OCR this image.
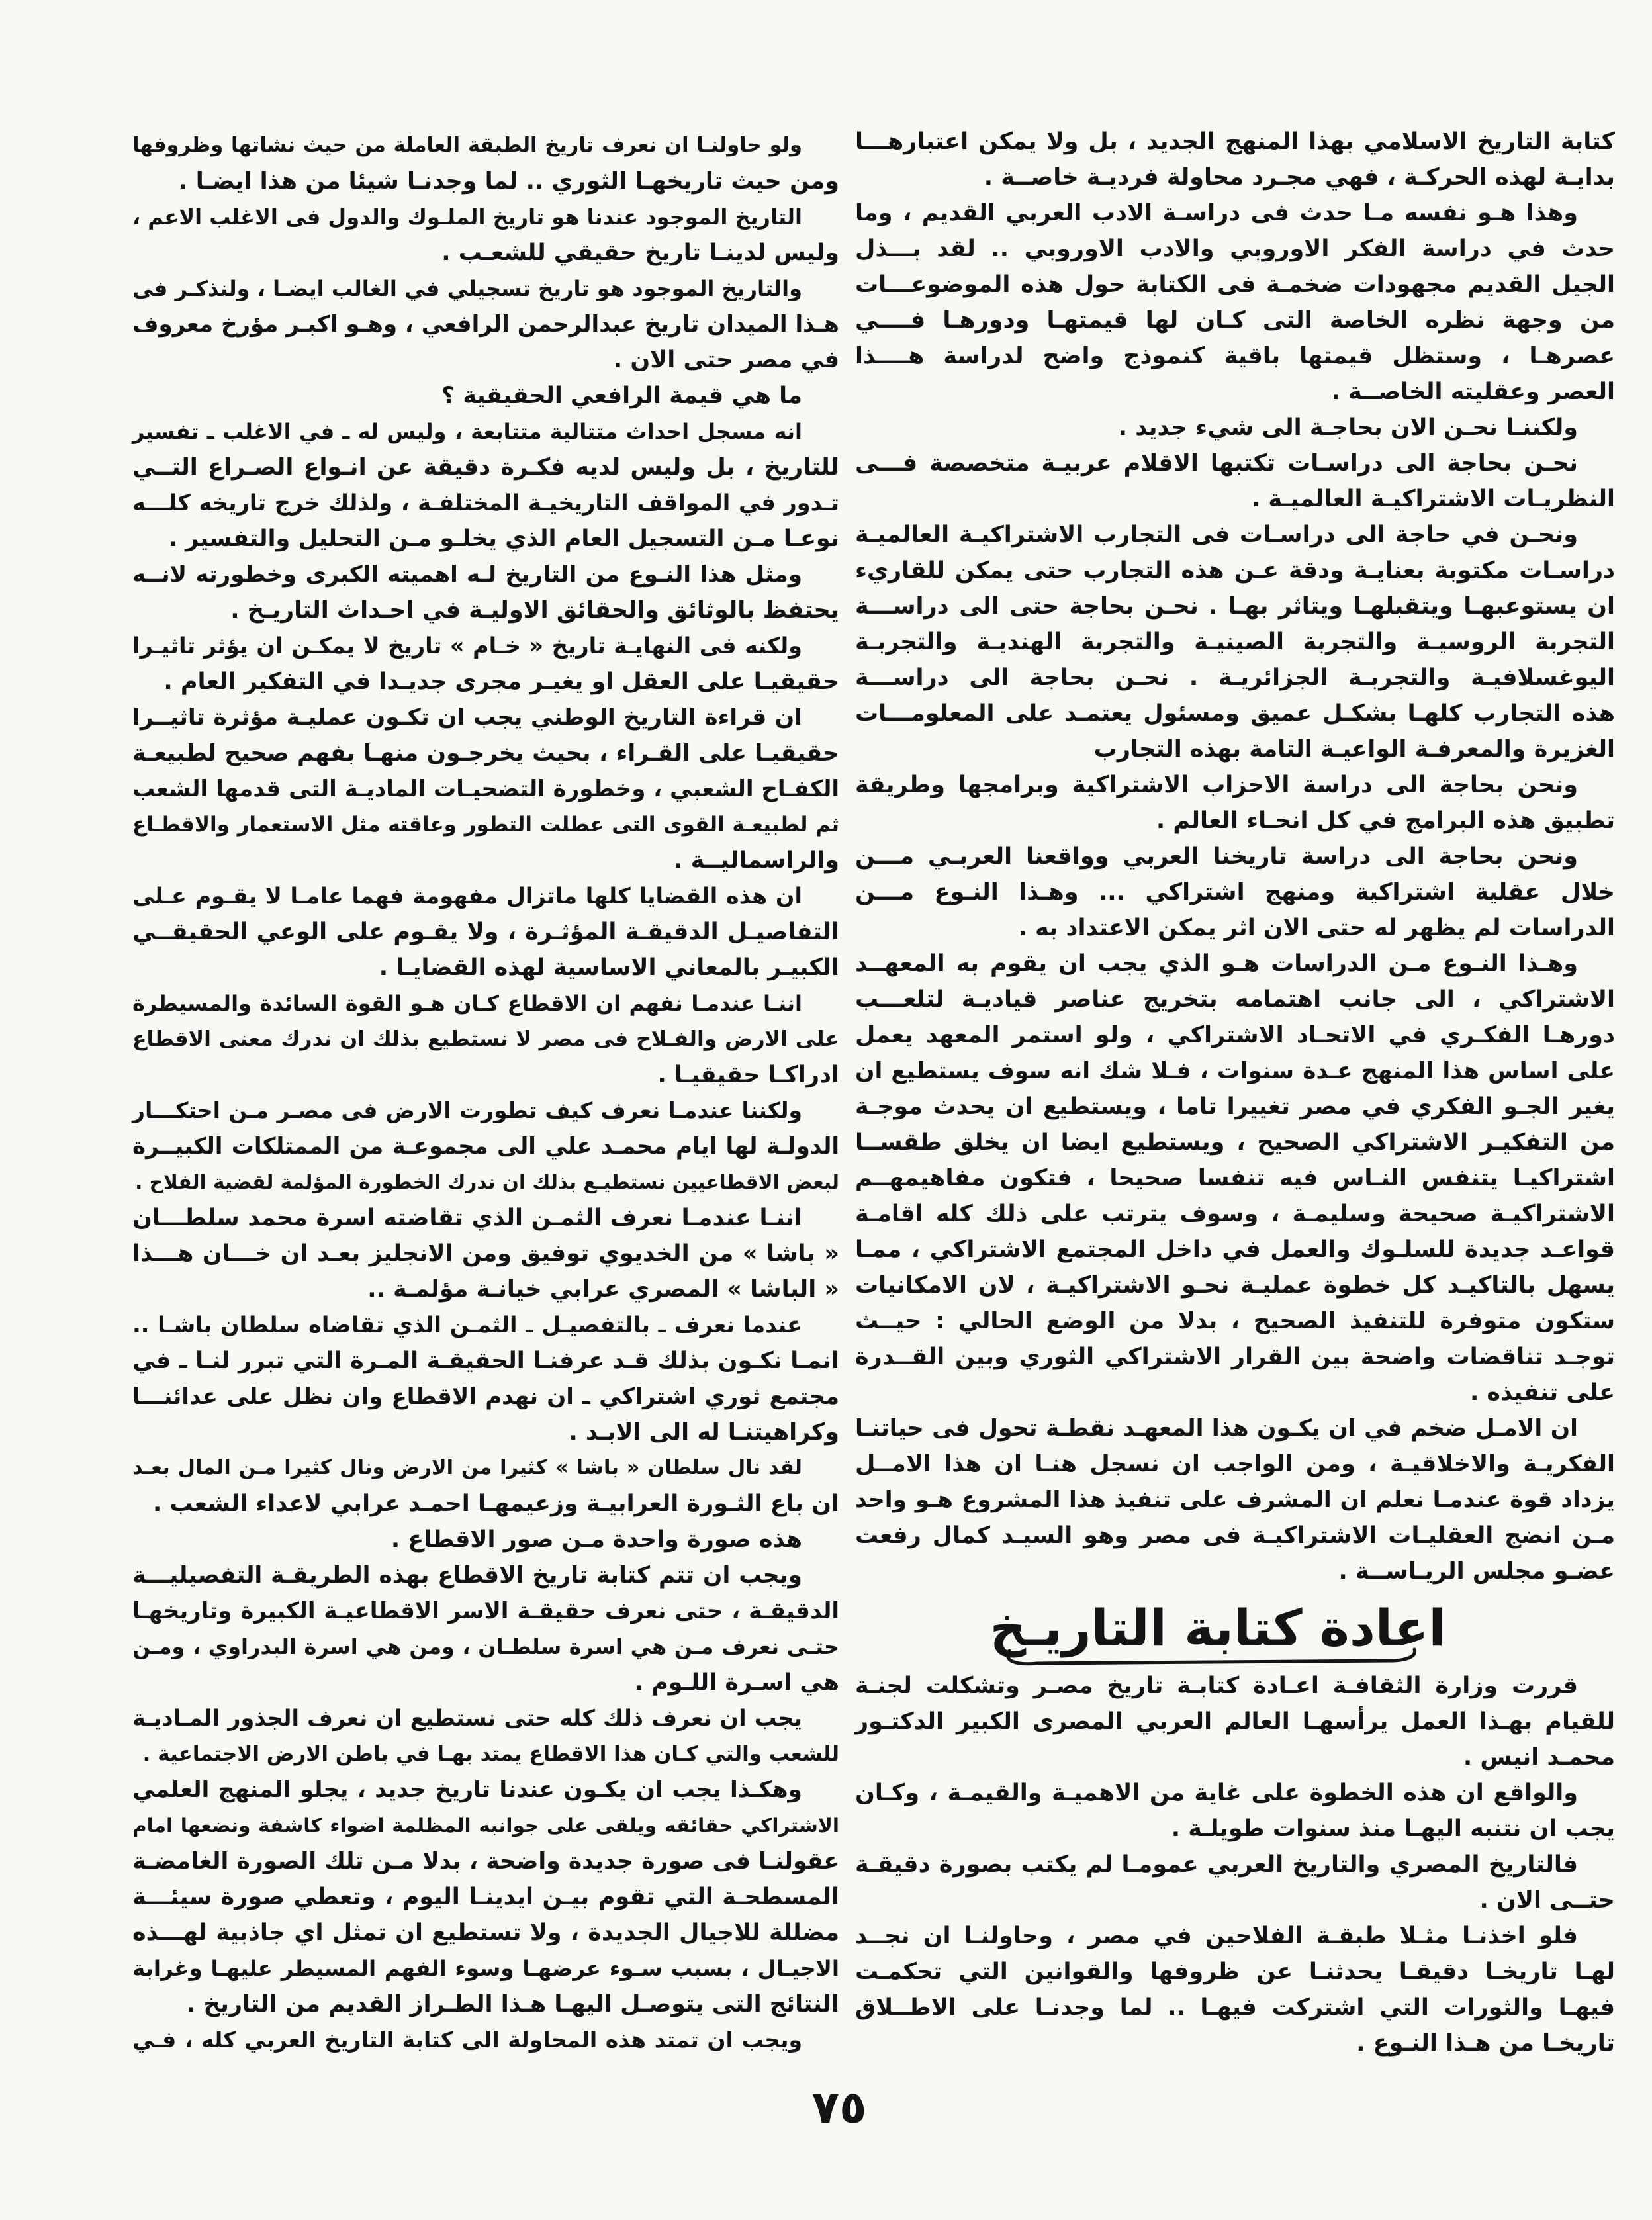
كتابة التاريخ الاسلامي بهذا المنهج الجديد ، بل ولا يمكن اعتبارهـــا
بدايـة لهذه الحركـة ، فهي مجـرد محاولة فرديـة خاصــة .
وهذا هـو نفسه مـا حدث فى دراسـة الادب العربي القديم ، وما
حدث في دراسة الفكر الاوروبي والادب الاوروبي .. لقد بـــذل
الجيل القديم مجهودات ضخمـة فى الكتابة حول هذه الموضوعـــات
من وجهة نظره الخاصة التى كـان لها قيمتهـا ودورهـا فــــي
عصرهـا ، وستظل قيمتها باقية كنموذج واضح لدراسة هــــذا
العصر وعقليته الخاصــة .
ولكننـا نحـن الان بحاجـة الى شيء جديد .
نحـن بحاجة الى دراسـات تكتبها الاقلام عربيـة متخصصة فـــى
النظريـات الاشتراكيـة العالميـة .
ونحـن في حاجة الى دراسـات فى التجارب الاشتراكيـة العالميـة
دراسـات مكتوبة بعنايـة ودقة عـن هذه التجارب حتى يمكن للقاريء
ان يستوعبهـا ويتقبلهـا ويتاثر بهـا . نحـن بحاجة حتى الى دراســـة
التجربة الروسيـة والتجربة الصينيـة والتجربة الهنديـة والتجربـة
اليوغسلافيـة والتجربـة الجزائريـة . نحـن بحاجة الى دراســـة
هذه التجارب كلهـا بشكـل عميق ومسئول يعتمـد على المعلومـــات
الغزيرة والمعرفـة الواعيـة التامة بهذه التجارب
ونحن بحاجة الى دراسة الاحزاب الاشتراكية وبرامجها وطريقة
تطبيق هذه البرامج في كل انحـاء العالم .
ونحن بحاجة الى دراسة تاريخنا العربي وواقعنا العربـي مـــن
خلال عقلية اشتراكية ومنهج اشتراكي ... وهـذا النـوع مـــن
الدراسات لم يظهر له حتى الان اثر يمكن الاعتداد به .
وهـذا النـوع مـن الدراسات هـو الذي يجب ان يقوم به المعهــد
الاشتراكي ، الى جانب اهتمامه بتخريج عناصر قياديـة لتلعـــب
دورهـا الفكـري في الاتحـاد الاشتراكي ، ولو استمر المعهد يعمل
على اساس هذا المنهج عـدة سنوات ، فـلا شك انه سوف يستطيع ان
يغير الجـو الفكري في مصر تغييرا تاما ، ويستطيع ان يحدث موجـة
من التفكيـر الاشتراكي الصحيح ، ويستطيع ايضا ان يخلق طقســا
اشتراكيـا يتنفس النـاس فيه تنفسا صحيحا ، فتكون مفاهيمهــم
الاشتراكيـة صحيحة وسليمـة ، وسوف يترتب على ذلك كله اقامـة
قواعـد جديدة للسلـوك والعمل في داخل المجتمع الاشتراكي ، ممـا
يسهل بالتاكيـد كل خطوة عمليـة نحـو الاشتراكيـة ، لان الامكانيات
ستكون متوفرة للتنفيذ الصحيح ، بدلا من الوضع الحالي : حيــث
توجـد تناقضات واضحة بين القرار الاشتراكي الثوري وبين القــدرة
على تنفيذه .
ان الامـل ضخم في ان يكـون هذا المعهـد نقطـة تحول فى حياتنـا
الفكريـة والاخلاقيـة ، ومن الواجب ان نسجل هنـا ان هذا الامــل
يزداد قوة عندمـا نعلم ان المشرف على تنفيذ هذا المشروع هـو واحد
مـن انضج العقليـات الاشتراكيـة فى مصر وهو السيـد كمال رفعت
عضـو مجلس الريـاســة .
اعادة كتابة التاريـخ
قررت وزارة الثقافـة اعـادة كتابـة تاريخ مصـر وتشكلت لجنـة
للقيام بهـذا العمل يرأسهـا العالم العربي المصرى الكبير الدكتـور
محمـد انيس .
والواقع ان هذه الخطوة على غاية من الاهميـة والقيمـة ، وكـان
يجب ان نتنبه اليهـا منذ سنوات طويلـة .
فالتاريخ المصري والتاريخ العربي عمومـا لم يكتب بصورة دقيقـة
حتــى الان .
فلو اخذنـا مثـلا طبقـة الفلاحين في مصر ، وحاولنـا ان نجــد
لهـا تاريخـا دقيقـا يحدثنـا عن ظروفها والقوانين التي تحكمـت
فيهـا والثورات التي اشتركت فيهـا .. لما وجدنـا على الاطــلاق
تاريخـا من هـذا النـوع .
ولو حاولنـا ان نعرف تاريخ الطبقة العاملة من حيث نشاتها وظروفها
ومن حيث تاريخهـا الثوري .. لما وجدنـا شيئا من هذا ايضـا .
التاريخ الموجود عندنا هو تاريخ الملـوك والدول فى الاغلب الاعم ،
وليس لدينـا تاريخ حقيقي للشعـب .
والتاريخ الموجود هو تاريخ تسجيلي في الغالب ايضـا ، ولنذكـر فى
هـذا الميدان تاريخ عبدالرحمن الرافعي ، وهـو اكبـر مؤرخ معروف
في مصر حتى الان .
ما هي قيمة الرافعي الحقيقية ؟
انه مسجل احداث متتالية متتابعة ، وليس له ـ في الاغلب ـ تفسير
للتاريخ ، بل وليس لديه فكـرة دقيقة عن انـواع الصـراع التــي
تـدور في المواقف التاريخيـة المختلفـة ، ولذلك خرج تاريخه كلـــه
نوعـا مـن التسجيل العام الذي يخلـو مـن التحليل والتفسير .
ومثل هذا النـوع من التاريخ لـه اهميته الكبرى وخطورته لانــه
يحتفظ بالوثائق والحقائق الاوليـة في احـداث التاريـخ .
ولكنه فى النهايـة تاريخ « خـام » تاريخ لا يمكـن ان يؤثر تاثيـرا
حقيقيـا على العقل او يغيـر مجرى جديـدا في التفكير العام .
ان قراءة التاريخ الوطني يجب ان تكـون عمليـة مؤثرة تاثيــرا
حقيقيـا على القـراء ، بحيث يخرجـون منهـا بفهم صحيح لطبيعـة
الكفـاح الشعبي ، وخطورة التضحيـات الماديـة التى قدمها الشعب
ثم لطبيعـة القوى التى عطلت التطور وعاقته مثل الاستعمار والاقطـاع
والراسماليــة .
ان هذه القضايا كلها ماتزال مفهومة فهما عامـا لا يقـوم عـلى
التفاصيـل الدقيقـة المؤثـرة ، ولا يقـوم على الوعي الحقيقــي
الكبيـر بالمعاني الاساسية لهذه القضايـا .
اننـا عندمـا نفهم ان الاقطاع كـان هـو القوة السائدة والمسيطرة
على الارض والفـلاح فى مصر لا نستطيع بذلك ان ندرك معنى الاقطاع
ادراكـا حقيقيـا .
ولكننا عندمـا نعرف كيف تطورت الارض فى مصـر مـن احتكـــار
الدولـة لها ايام محمـد علي الى مجموعـة من الممتلكات الكبيــرة
لبعض الاقطاعيين نستطيـع بذلك ان ندرك الخطورة المؤلمة لقضية الفلاح .
اننـا عندمـا نعرف الثمـن الذي تقاضته اسرة محمد سلطـــان
« باشا » من الخديوي توفيق ومن الانجليز بعـد ان خـــان هـــذا
« الباشا » المصري عرابي خيانـة مؤلمـة ..
عندما نعرف ـ بالتفصيـل ـ الثمـن الذي تقاضاه سلطان باشـا ..
انمـا نكـون بذلك قـد عرفنـا الحقيقـة المـرة التي تبرر لنـا ـ في
مجتمع ثوري اشتراكي ـ ان نهدم الاقطاع وان نظل على عدائنـــا
وكراهيتنـا له الى الابـد .
لقد نال سلطان « باشا » كثيرا من الارض ونال كثيرا مـن المال بعـد
ان باع الثـورة العرابيـة وزعيمهـا احمـد عرابي لاعداء الشعب .
هذه صورة واحدة مـن صور الاقطاع .
ويجب ان تتم كتابة تاريخ الاقطاع بهذه الطريقـة التفصيليـــة
الدقيقـة ، حتى نعرف حقيقـة الاسر الاقطاعيـة الكبيرة وتاريخهـا
حتـى نعرف مـن هي اسرة سلطـان ، ومن هي اسرة البدراوي ، ومـن
هي اسـرة اللـوم .
يجب ان نعرف ذلك كله حتى نستطيع ان نعرف الجذور المـاديـة
للشعب والتي كـان هذا الاقطاع يمتد بهـا في باطن الارض الاجتماعية .
وهكـذا يجب ان يكـون عندنا تاريخ جديد ، يجلو المنهج العلمي
الاشتراكي حقائقه ويلقى على جوانبه المظلمة اضواء كاشفة ونضعها امام
عقولنـا فى صورة جديدة واضحة ، بدلا مـن تلك الصورة الغامضـة
المسطحـة التي تقوم بيـن ايدينـا اليوم ، وتعطي صورة سيئـــة
مضللة للاجيال الجديدة ، ولا تستطيع ان تمثل اي جاذبية لهـــذه
الاجيـال ، بسبب سـوء عرضهـا وسوء الفهم المسيطر عليهـا وغرابة
النتائج التى يتوصـل اليهـا هـذا الطـراز القديم من التاريخ .
ويجب ان تمتد هذه المحاولة الى كتابة التاريخ العربي كله ، فـي
٧٥
